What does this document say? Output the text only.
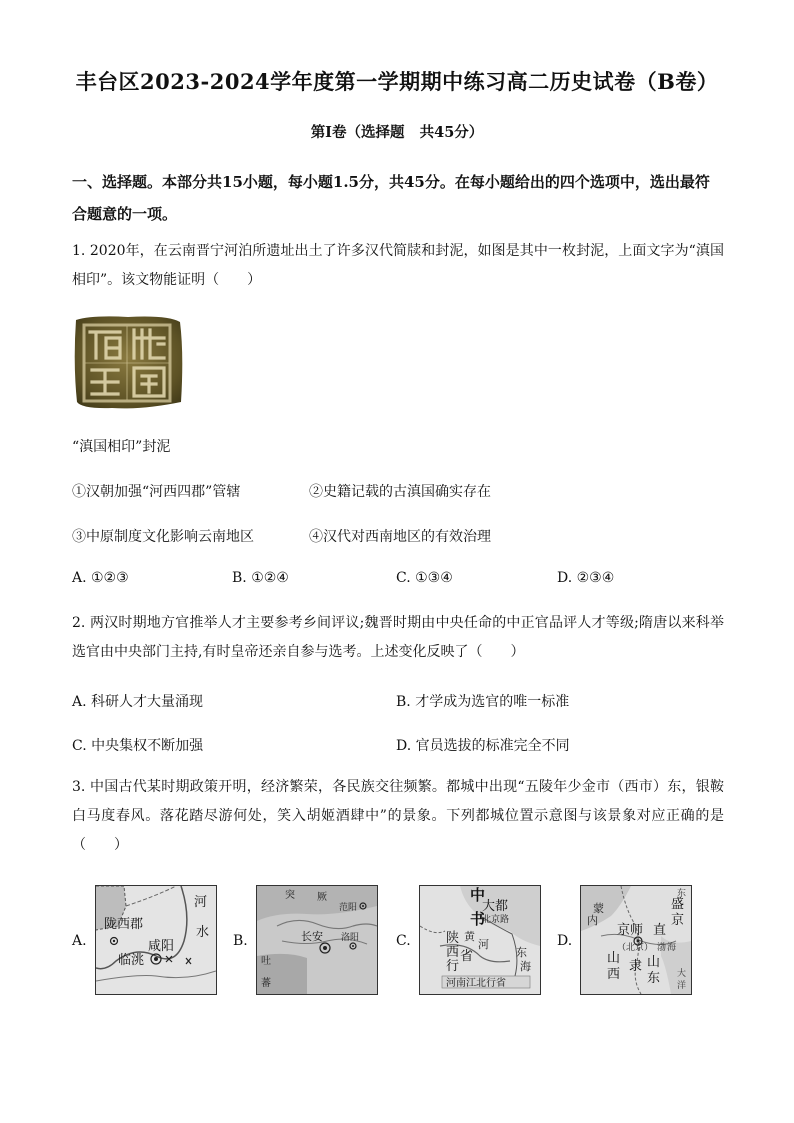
丰台区2023-2024学年度第一学期期中练习高二历史试卷（B卷）
第I卷（选择题   共45分）
一、选择题。本部分共15小题，每小题1.5分，共45分。在每小题给出的四个选项中，选出最符合题意的一项。
1. 2020年，在云南晋宁河泊所遗址出土了许多汉代简牍和封泥，如图是其中一枚封泥，上面文字为“滇国相印”。该文物能证明（　　）
“滇国相印”封泥
①汉朝加强“河西四郡”管辖	②史籍记载的古滇国确实存在
③中原制度文化影响云南地区	④汉代对西南地区的有效治理
A. ①②③	B. ①②④	C. ①③④	D. ②③④
2. 两汉时期地方官推举人才主要参考乡间评议;魏晋时期由中央任命的中正官品评人才等级;隋唐以来科举选官由中央部门主持,有时皇帝还亲自参与选考。上述变化反映了（　　）
A. 科研人才大量涌现	B. 才学成为选官的唯一标准
C. 中央集权不断加强	D. 官员选拔的标准完全不同
3. 中国古代某时期政策开明，经济繁荣，各民族交往频繁。都城中出现“五陵年少金市（西市）东，银鞍白马度春风。落花踏尽游何处，笑入胡姬酒肆中”的景象。下列都城位置示意图与该景象对应正确的是（　　）
A.	B.	C.	D.
陇西郡
河
水
咸阳
临洮
突 厥
范阳
长安 洛阳
吐
蕃
中
大都
书
北京路
陕
西
行
省
黄
河
东
海
河南江北行省
内
蒙
京师 直
（北京）
山
西
隶 山
东
盛
京
渤 海
东
大
洋
